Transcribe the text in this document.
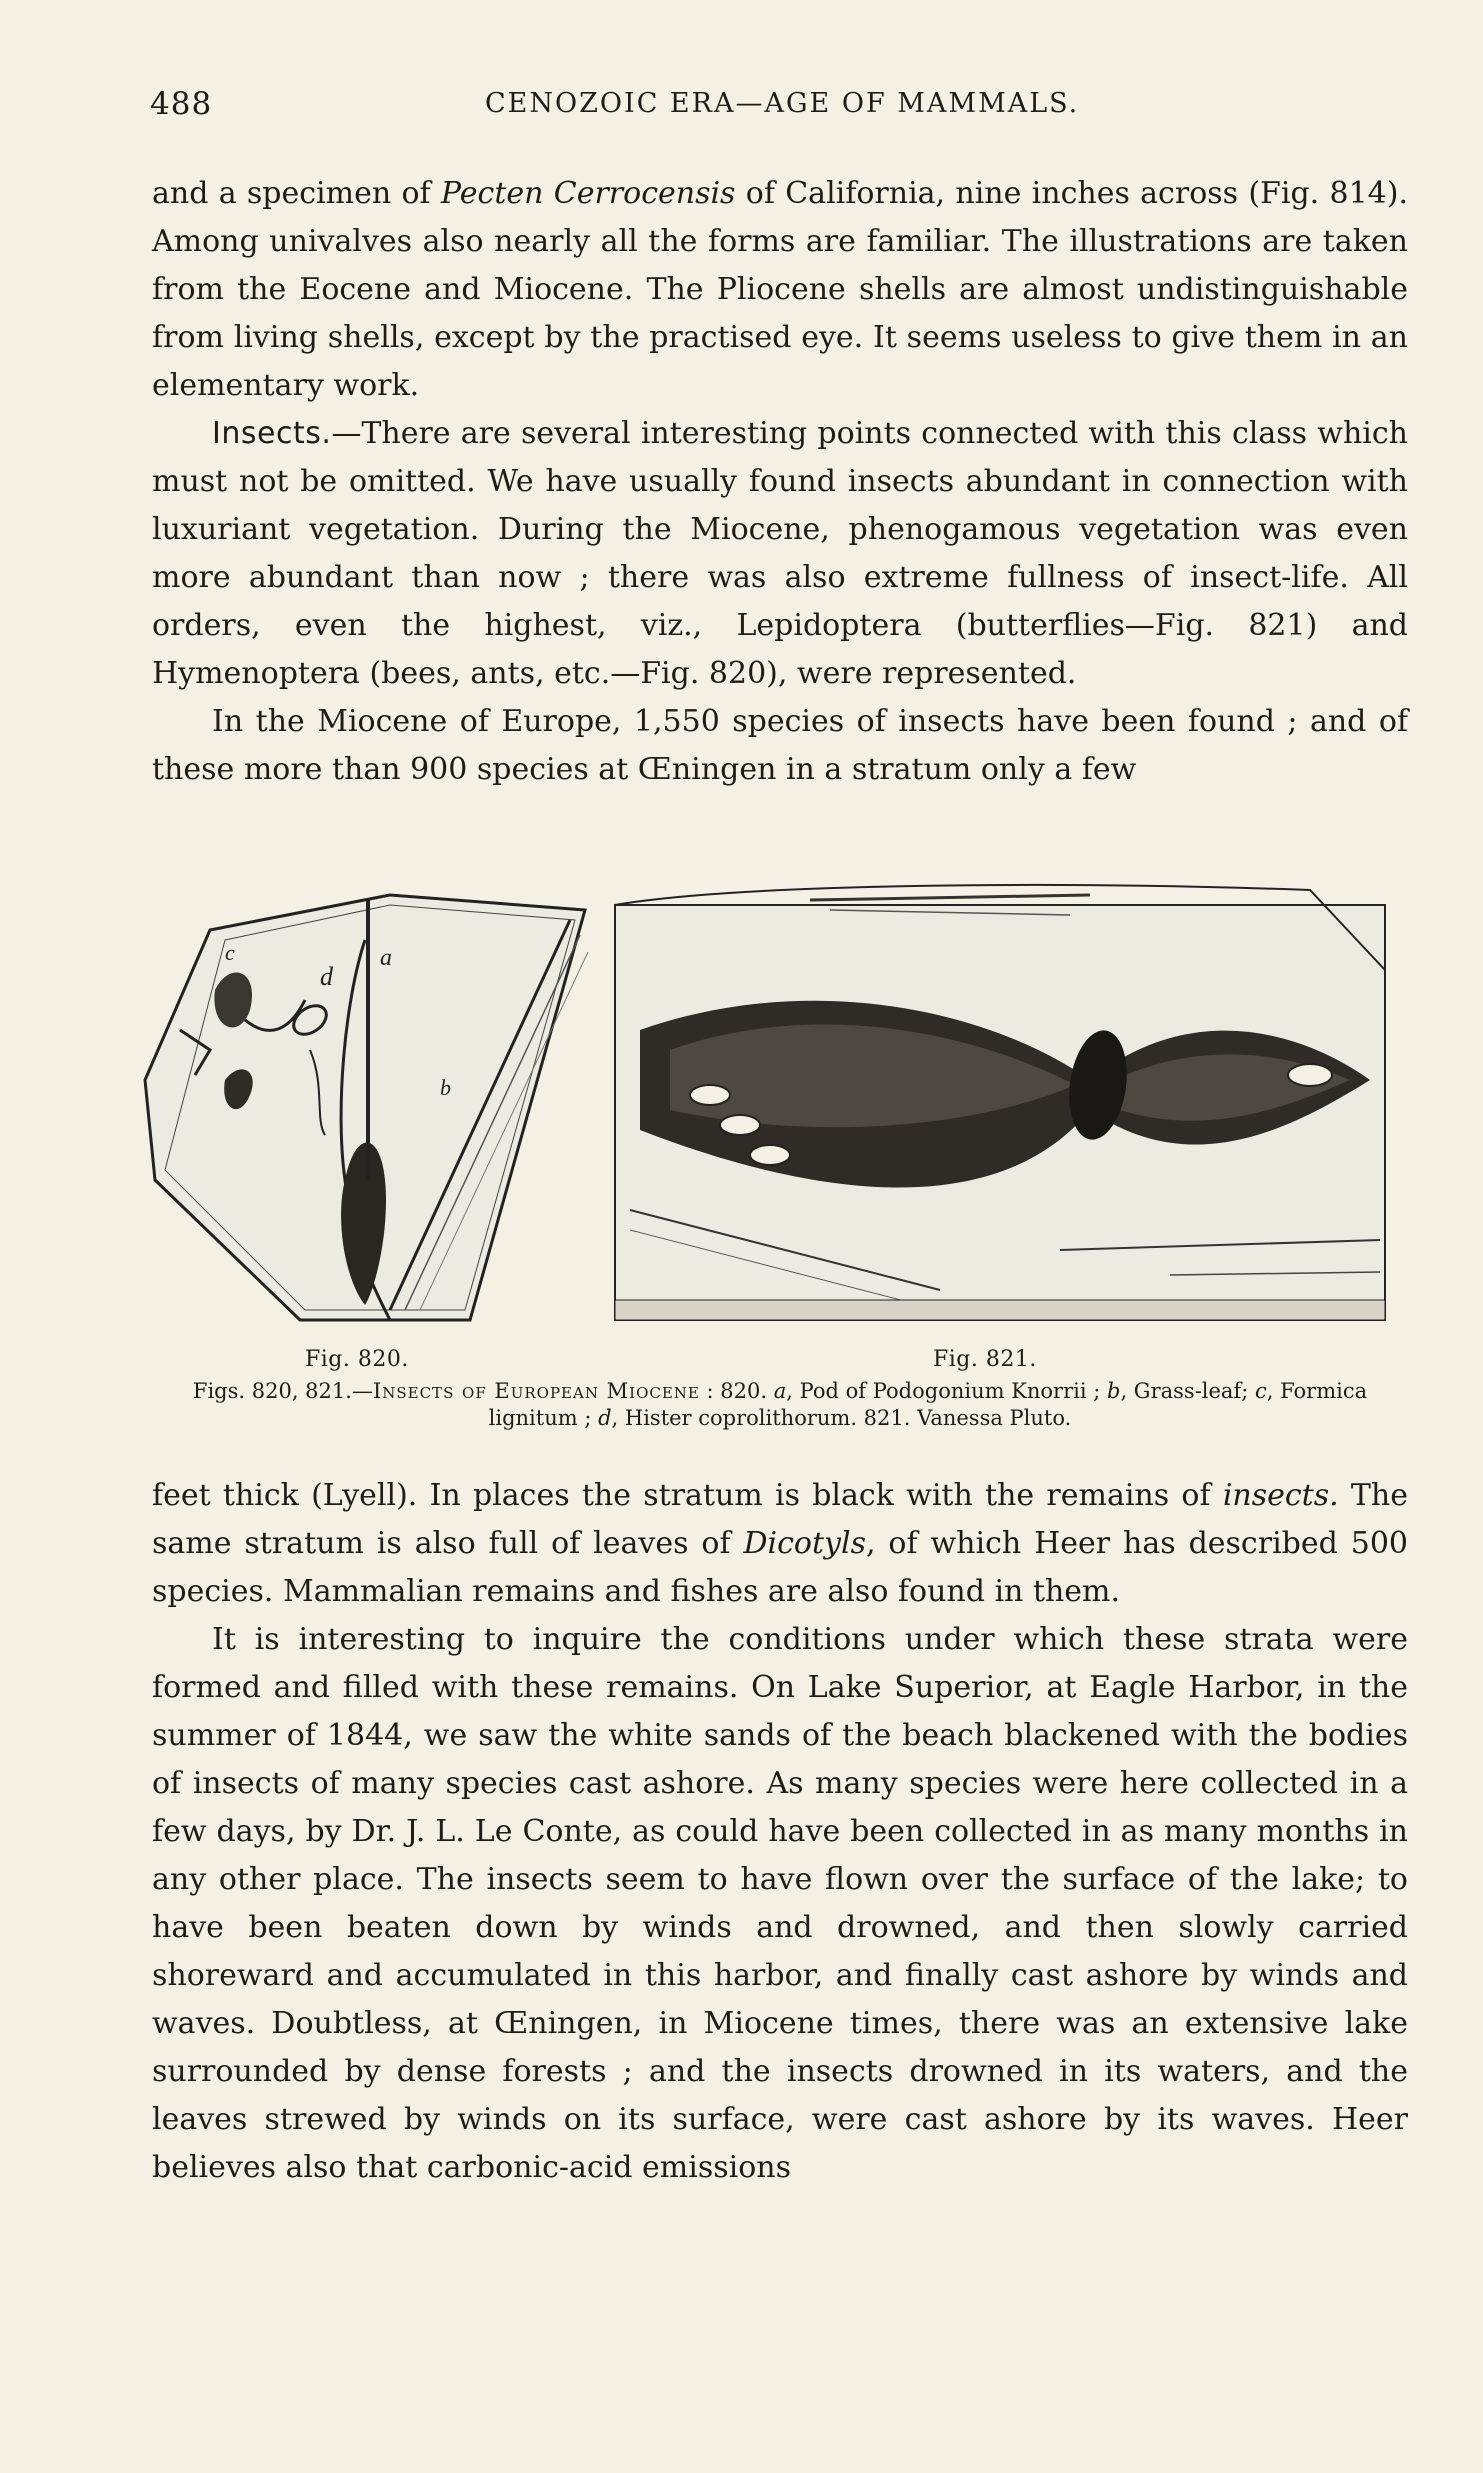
488	CENOZOIC ERA—AGE OF MAMMALS.

and a specimen of Pecten Cerrocensis of California, nine inches across (Fig. 814). Among univalves also nearly all the forms are familiar. The illustrations are taken from the Eocene and Miocene. The Pliocene shells are almost undistinguishable from living shells, except by the practised eye. It seems useless to give them in an elementary work.

Insects.—There are several interesting points connected with this class which must not be omitted. We have usually found insects abundant in connection with luxuriant vegetation. During the Miocene, phenogamous vegetation was even more abundant than now ; there was also extreme fullness of insect-life. All orders, even the highest, viz., Lepidoptera (butterflies—Fig. 821) and Hymenoptera (bees, ants, etc.—Fig. 820), were represented.

In the Miocene of Europe, 1,550 species of insects have been found ; and of these more than 900 species at Œningen in a stratum only a few

c
d
a
b
Fig. 820.	Fig. 821.
Figs. 820, 821.—Insects of European Miocene : 820. a, Pod of Podogonium Knorrii ; b, Grass-leaf; c, Formica lignitum ; d, Hister coprolithorum. 821. Vanessa Pluto.

feet thick (Lyell). In places the stratum is black with the remains of insects. The same stratum is also full of leaves of Dicotyls, of which Heer has described 500 species. Mammalian remains and fishes are also found in them.

It is interesting to inquire the conditions under which these strata were formed and filled with these remains. On Lake Superior, at Eagle Harbor, in the summer of 1844, we saw the white sands of the beach blackened with the bodies of insects of many species cast ashore. As many species were here collected in a few days, by Dr. J. L. Le Conte, as could have been collected in as many months in any other place. The insects seem to have flown over the surface of the lake; to have been beaten down by winds and drowned, and then slowly carried shoreward and accumulated in this harbor, and finally cast ashore by winds and waves. Doubtless, at Œningen, in Miocene times, there was an extensive lake surrounded by dense forests ; and the insects drowned in its waters, and the leaves strewed by winds on its surface, were cast ashore by its waves. Heer believes also that carbonic-acid emissions
